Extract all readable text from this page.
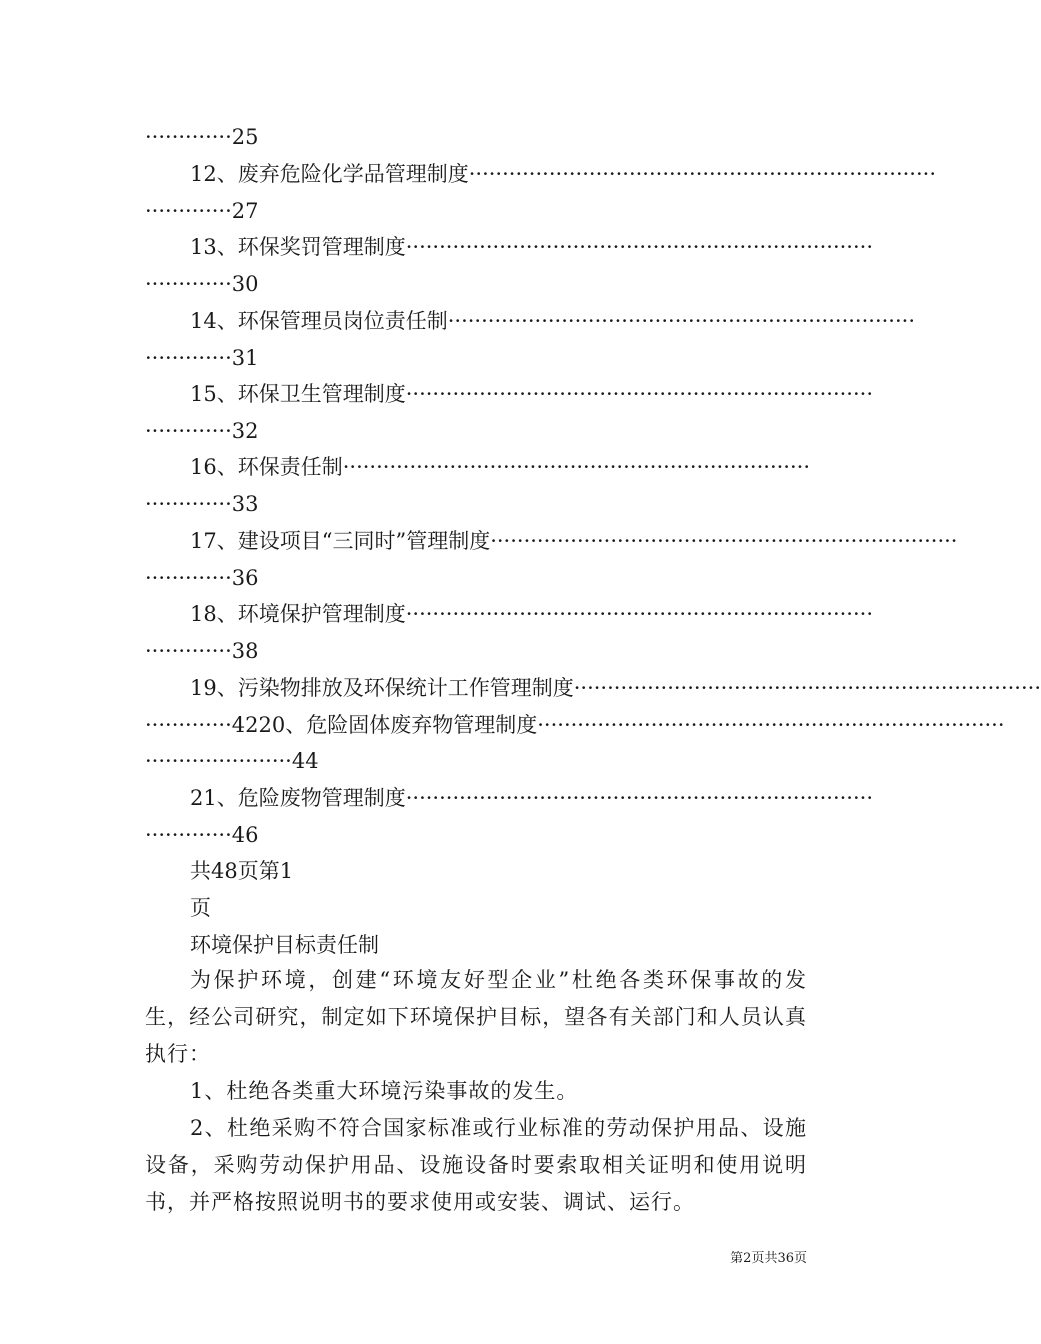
············· 25
12、废弃危险化学品管理制度 ······································································
············· 27
13、环保奖罚管理制度 ······································································
············· 30
14、环保管理员岗位责任制 ······································································
············· 31
15、环保卫生管理制度 ······································································
············· 32
16、环保责任制 ······································································
············· 33
17、建设项目“三同时”管理制度 ······································································
············· 36
18、环境保护管理制度 ······································································
············· 38
19、污染物排放及环保统计工作管理制度 ······································································
············· 42 20、危险固体废弃物管理制度 ······································································
······················ 44
21、危险废物管理制度 ······································································
············· 46
共48页第1
页
环境保护目标责任制
为保护环境，创建“环境友好型企业”杜绝各类环保事故的发生，经公司研究，制定如下环境保护目标，望各有关部门和人员认真执行：
1、杜绝各类重大环境污染事故的发生。
2、杜绝采购不符合国家标准或行业标准的劳动保护用品、设施设备，采购劳动保护用品、设施设备时要索取相关证明和使用说明书，并严格按照说明书的要求使用或安装、调试、运行。
第2页共36页
